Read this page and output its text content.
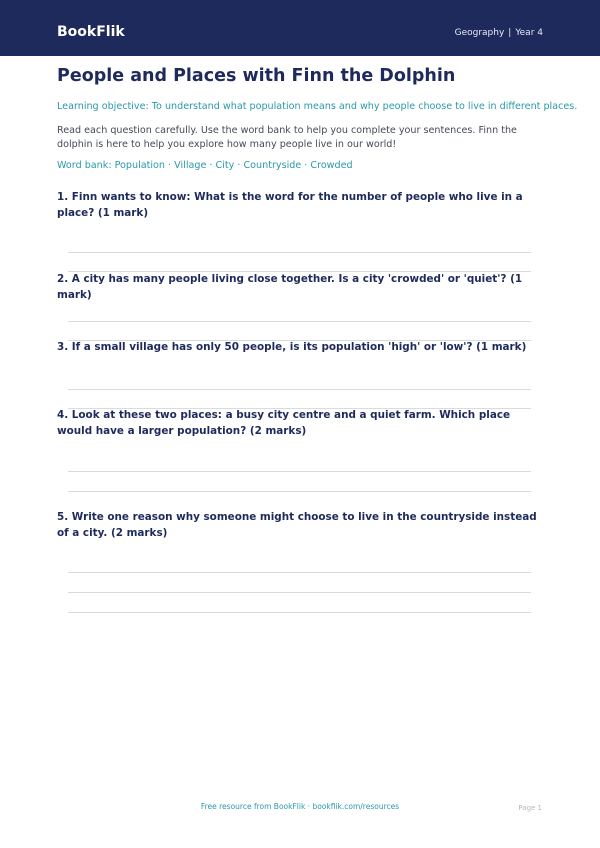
BookFlik	Geography | Year 4
People and Places with Finn the Dolphin

Learning objective: To understand what population means and why people choose to live in different places.

Read each question carefully. Use the word bank to help you complete your sentences. Finn the dolphin is here to help you explore how many people live in our world!

Word bank: Population · Village · City · Countryside · Crowded

1. Finn wants to know: What is the word for the number of people who live in a place? (1 mark)

2. A city has many people living close together. Is a city 'crowded' or 'quiet'? (1 mark)

3. If a small village has only 50 people, is its population 'high' or 'low'? (1 mark)

4. Look at these two places: a busy city centre and a quiet farm. Which place would have a larger population? (2 marks)

5. Write one reason why someone might choose to live in the countryside instead of a city. (2 marks)

Free resource from BookFlik · bookflik.com/resources	Page 1
